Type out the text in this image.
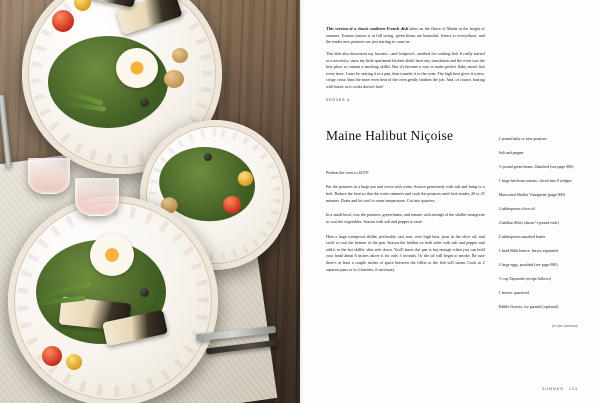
This version of a classic southern French dish takes on the flavor of Maine at the height of summer. Tomato season is in full swing, green beans are bountiful, lettuce is everywhere, and the tender new potatoes are just starting to come in.

This dish also showcases my favorite—and foolproof—method for cooking fish. It really started as a necessity, since my little apartment kitchen didn't have any ventilation and the oven was the best place to contain a smoking skillet. But it's become a way to make perfect flaky, moist fish every time. I start by searing it in a pan, then transfer it to the oven. The high heat gives it a nice, crispy crust; then the more even heat of the oven gently finishes the job. And, of course, basting with butter as it cooks doesn't hurt!

SERVES 4
Maine Halibut Niçoise

Preheat the oven to 425°F.

Put the potatoes in a large pot and cover with water. Season generously with salt and bring to a boil. Reduce the heat so that the water simmers and cook the potatoes until fork-tender, 20 to 25 minutes. Drain and let cool to room temperature. Cut into quarters.

In a small bowl, toss the potatoes, green beans, and tomato with enough of the shallot vinaigrette to coat the vegetables. Season with salt and pepper to taste.

Heat a large ovenproof skillet, preferably cast iron, over high heat, pour in the olive oil, and swirl to coat the bottom of the pan. Season the halibut on both sides with salt and pepper and add it to the hot skillet, skin side down. You'll know the pan is hot enough when you can hold your hand about 6 inches above it for only 3 seconds. Or the oil will begin to smoke. Be sure there's at least a couple inches of space between the fillets or the fish will steam. Cook in 2 separate pans or in 2 batches, if necessary.

1 pound baby or new potatoes
Salt and pepper
½ pound green beans, blanched (see page 000)
1 large heirloom tomato, sliced into 8 wedges
Marcoated Shallot Vinaigrette (page 000)
2 tablespoons olive oil
4 halibut fillets (about ½ pound each)
2 tablespoons unsalted butter
1 head Bibb lettuce, leaves separated
4 large eggs, poached (see page 000)
½ cup Tapenade (recipe follows)
1 lemon, quartered
Edible flowers, for garnish (optional)
(recipe continues)
SUMMER 103
